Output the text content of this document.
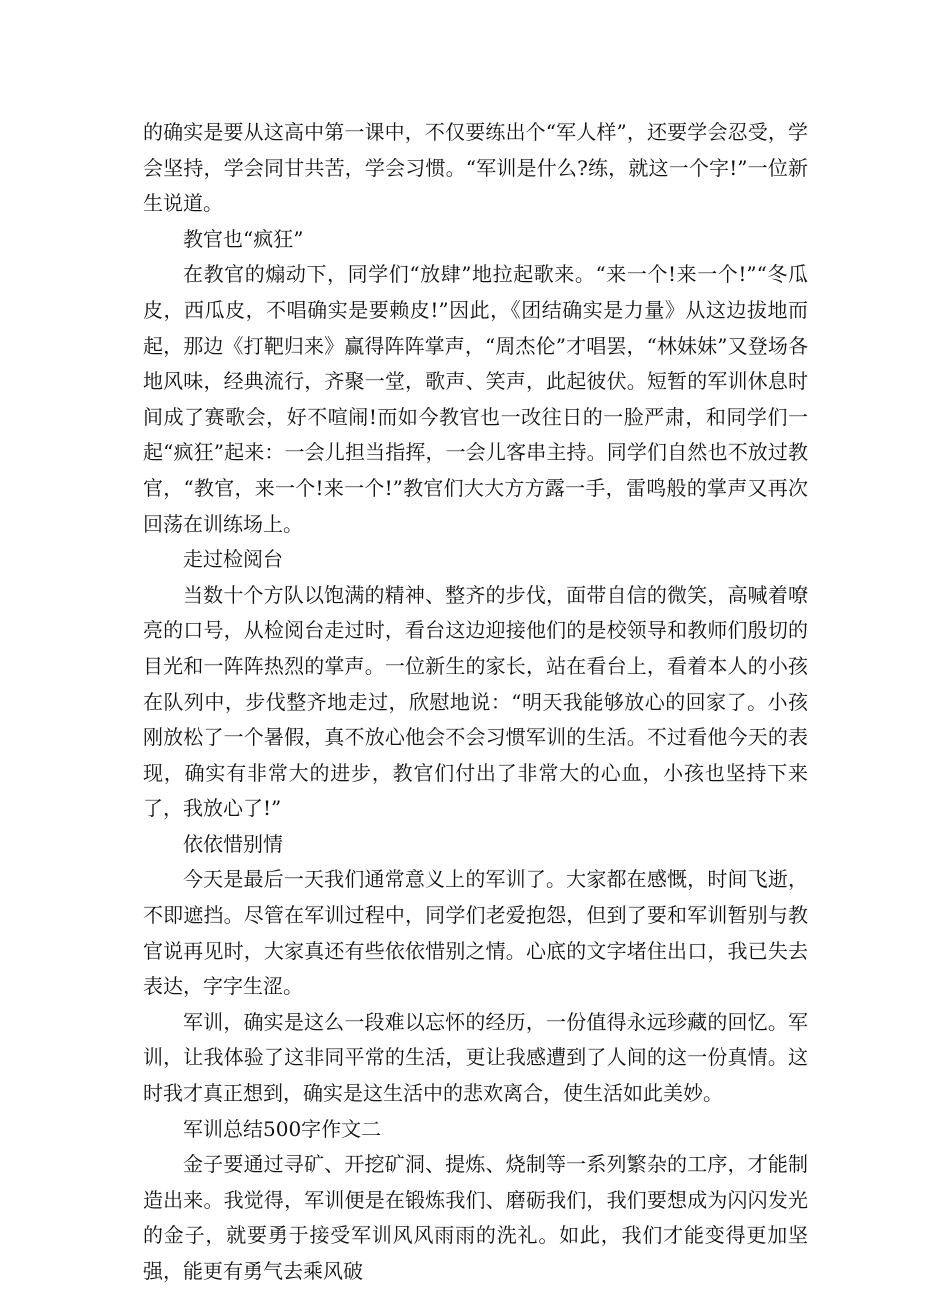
的确实是要从这高中第一课中，不仅要练出个“军人样”，还要学会忍受，学会坚持，学会同甘共苦，学会习惯。“军训是什么?练，就这一个字!”一位新生说道。

教官也“疯狂”

在教官的煽动下，同学们“放肆”地拉起歌来。“来一个!来一个!”“冬瓜皮，西瓜皮，不唱确实是要赖皮!”因此，《团结确实是力量》从这边拔地而起，那边《打靶归来》赢得阵阵掌声，“周杰伦”才唱罢，“林妹妹”又登场各地风味，经典流行，齐聚一堂，歌声、笑声，此起彼伏。短暂的军训休息时间成了赛歌会，好不喧闹!而如今教官也一改往日的一脸严肃，和同学们一起“疯狂”起来：一会儿担当指挥，一会儿客串主持。同学们自然也不放过教官，“教官，来一个!来一个!”教官们大大方方露一手，雷鸣般的掌声又再次回荡在训练场上。

走过检阅台

当数十个方队以饱满的精神、整齐的步伐，面带自信的微笑，高喊着嘹亮的口号，从检阅台走过时，看台这边迎接他们的是校领导和教师们殷切的目光和一阵阵热烈的掌声。一位新生的家长，站在看台上，看着本人的小孩在队列中，步伐整齐地走过，欣慰地说：“明天我能够放心的回家了。小孩刚放松了一个暑假，真不放心他会不会习惯军训的生活。不过看他今天的表现，确实有非常大的进步，教官们付出了非常大的心血，小孩也坚持下来了，我放心了!”

依依惜别情

今天是最后一天我们通常意义上的军训了。大家都在感慨，时间飞逝，不即遮挡。尽管在军训过程中，同学们老爱抱怨，但到了要和军训暂别与教官说再见时，大家真还有些依依惜别之情。心底的文字堵住出口，我已失去表达，字字生涩。

军训，确实是这么一段难以忘怀的经历，一份值得永远珍藏的回忆。军训，让我体验了这非同平常的生活，更让我感遭到了人间的这一份真情。这时我才真正想到，确实是这生活中的悲欢离合，使生活如此美妙。

军训总结500字作文二

金子要通过寻矿、开挖矿洞、提炼、烧制等一系列繁杂的工序，才能制造出来。我觉得，军训便是在锻炼我们、磨砺我们，我们要想成为闪闪发光的金子，就要勇于接受军训风风雨雨的洗礼。如此，我们才能变得更加坚强，能更有勇气去乘风破
